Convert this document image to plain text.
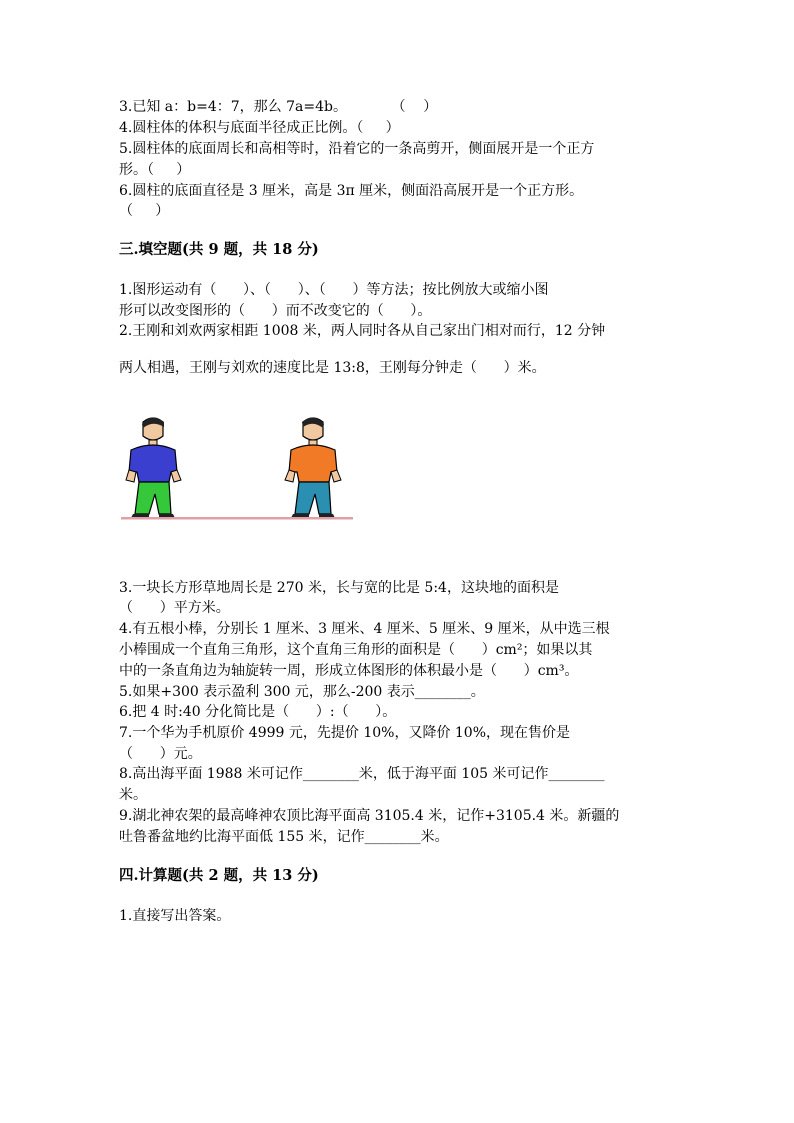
3.已知 a：b=4：7，那么 7a=4b。          （    ）
4.圆柱体的体积与底面半径成正比例。（     ）
5.圆柱体的底面周长和高相等时，沿着它的一条高剪开，侧面展开是一个正方
形。（     ）
6.圆柱的底面直径是 3 厘米，高是 3π 厘米，侧面沿高展开是一个正方形。
（     ）
三.填空题(共 9 题，共 18 分)
1.图形运动有（      ）、（      ）、（      ）等方法；按比例放大或缩小图
形可以改变图形的（      ）而不改变它的（      ）。
2.王刚和刘欢两家相距 1008 米，两人同时各从自己家出门相对而行，12 分钟
两人相遇，王刚与刘欢的速度比是 13:8，王刚每分钟走（      ）米。
3.一块长方形草地周长是 270 米，长与宽的比是 5:4，这块地的面积是
（      ）平方米。
4.有五根小棒，分别长 1 厘米、3 厘米、4 厘米、5 厘米、9 厘米，从中选三根
小棒围成一个直角三角形，这个直角三角形的面积是（      ）cm²；如果以其
中的一条直角边为轴旋转一周，形成立体图形的体积最小是（      ）cm³。
5.如果+300 表示盈利 300 元，那么-200 表示________。
6.把 4 时:40 分化简比是（      ）:（      ）。
7.一个华为手机原价 4999 元，先提价 10%，又降价 10%，现在售价是
（      ）元。
8.高出海平面 1988 米可记作________米，低于海平面 105 米可记作________
米。
9.湖北神农架的最高峰神农顶比海平面高 3105.4 米，记作+3105.4 米。新疆的
吐鲁番盆地约比海平面低 155 米，记作________米。
四.计算题(共 2 题，共 13 分)
1.直接写出答案。
